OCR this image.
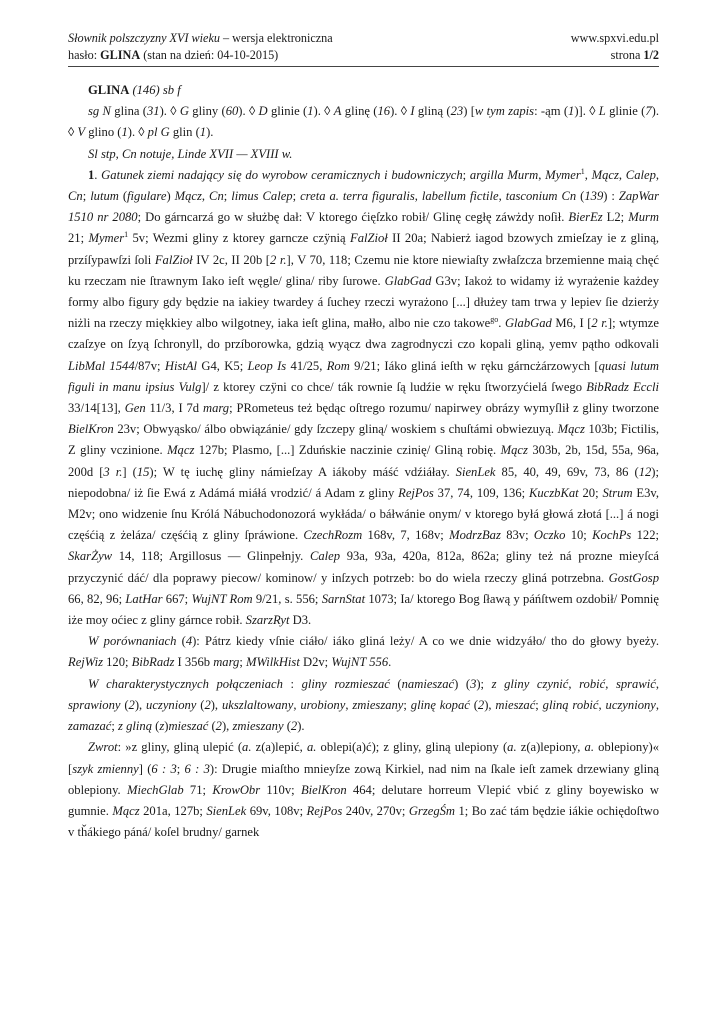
Słownik polszczyzny XVI wieku – wersja elektroniczna	www.spxvi.edu.pl
hasło: GLINA (stan na dzień: 04-10-2015)	strona 1/2

GLINA (146) sb f

sg N glina (31). ◊ G gliny (60). ◊ D glinie (1). ◊ A glinę (16). ◊ I gliną (23) [w tym zapis: -ąm (1)]. ◊ L glinie (7). ◊ V glino (1). ◊ pl G glin (1).

Sl stp, Cn notuje, Linde XVII — XVIII w.

1. Gatunek ziemi nadający się do wyrobow ceramicznych i budowniczych; argilla Murm, Mymer$^1$, Mącz, Calep, Cn; lutum (figulare) Mącz, Cn; limus Calep; creta a. terra figuralis, labellum fictile, tasconium Cn (139) : ZapWar 1510 nr 2080; Do gárncarzá go w służbę dał: V ktorego ćięſzko robił/ Glinę cegłę záwżdy noſił. BierEz L2; Murm 21; Mymer$^1$ 5v; Wezmi gliny z ktorey garncze czÿnią FalZioł II 20a; Nabierż iagod bzowych zmieſzay ie z gliną, przíſypawſzi ſoli FalZioł IV 2c, II 20b [2 r.], V 70, 118; Czemu nie ktore niewiaſty zwłaſzcza brzemienne maią chęć ku rzeczam nie ſtrawnym Iako ieſt węgle/ glina/ riby ſurowe. GlabGad G3v; Iakoż to widamy iż wyrażenie każdey formy albo figury gdy będzie na iakiey twardey á ſuchey rzeczi wyrażono [...] dłużey tam trwa y lepiev ſie dzierży niżli na rzeczy miękkiey albo wilgotney, iaka ieſt glina, małło, albo nie czo takowe$^{go}$. GlabGad M6, I [2 r.]; wtymze czaſzye on ſzyą ſchronyll, do przíborowka, gdzią wyącz dwa zagrodnyczi czo kopali gliną, yemv pątho odkovali LibMal 1544/87v; HistAl G4, K5; Leop Is 41/25, Rom 9/21; Iáko gliná ieſth w ręku gárncżárzowych [quasi lutum figuli in manu ipsius Vulg]/ z ktorey czÿni co chce/ ták rownie ſą ludźie w ręku ſtworzyćielá ſwego BibRadz Eccli 33/14[13], Gen 11/3, I 7d marg; PRometeus też będąc oſtrego rozumu/ napirwey obrázy wymyſlił z gliny tworzone BielKron 23v; Obwyąsko/ álbo obwiązánie/ gdy ſzczepy gliną/ woskiem s chuſtámi obwiezuyą. Mącz 103b; Fictilis, Z gliny vczinione. Mącz 127b; Plasmo, [...] Zduńskie naczinie czinię/ Gliną robię. Mącz 303b, 2b, 15d, 55a, 96a, 200d [3 r.] (15); W tę iuchę gliny námieſzay A iákoby máść vdźiáłay. SienLek 85, 40, 49, 69v, 73, 86 (12); niepodobna/ iż ſie Ewá z Adámá miáłá vrodzić/ á Adam z gliny RejPos 37, 74, 109, 136; KuczbKat 20; Strum E3v, M2v; ono widzenie ſnu Królá Nábuchodonozorá wykłáda/ o báłwánie onym/ v ktorego byłá głowá złotá [...] á nogi częśćią z żeláza/ częśćią z gliny ſpráwione. CzechRozm 168v, 7, 168v; ModrzBaz 83v; Oczko 10; KochPs 122; SkarŻyw 14, 118; Argillosus — Glinpełnjy. Calep 93a, 93a, 420a, 812a, 862a; gliny też ná prozne mieyſcá przyczynić dáć/ dla poprawy piecow/ kominow/ y inſzych potrzeb: bo do wiela rzeczy gliná potrzebna. GostGosp 66, 82, 96; LatHar 667; WujNT Rom 9/21, s. 556; SarnStat 1073; Ia/ ktorego Bog ſławą y páńſtwem ozdobił/ Pomnię iże moy oćiec z gliny gárnce robił. SzarzRyt D3.

W porównaniach (4): Pátrz kiedy vſnie ciáło/ iáko gliná leży/ A co we dnie widzyáło/ tho do głowy byeży. RejWiz 120; BibRadz I 356b marg; MWilkHist D2v; WujNT 556.

W charakterystycznych połączeniach : gliny rozmieszać (namieszać) (3); z gliny czynić, robić, sprawić, sprawiony (2), uczyniony (2), ukszlaltowany, urobiony, zmieszany; glinę kopać (2), mieszać; gliną robić, uczyniony, zamazać; z gliną (z)mieszać (2), zmieszany (2).

Zwrot: »z gliny, gliną ulepić (a. z(a)lepić, a. oblepi(a)ć); z gliny, gliną ulepiony (a. z(a)lepiony, a. oblepiony)« [szyk zmienny] (6 : 3; 6 : 3): Drugie miaſtho mnieyſze zową Kirkiel, nad nim na ſkale ieſt zamek drzewiany gliną oblepiony. MiechGlab 71; KrowObr 110v; BielKron 464; delutare horreum Vlepić vbić z gliny boyewisko w gumnie. Mącz 201a, 127b; SienLek 69v, 108v; RejPos 240v, 270v; GrzegŚm 1; Bo zać tám będzie iákie ochiędoſtwo v tȟákiego páná/ koſel brudny/ garnek
